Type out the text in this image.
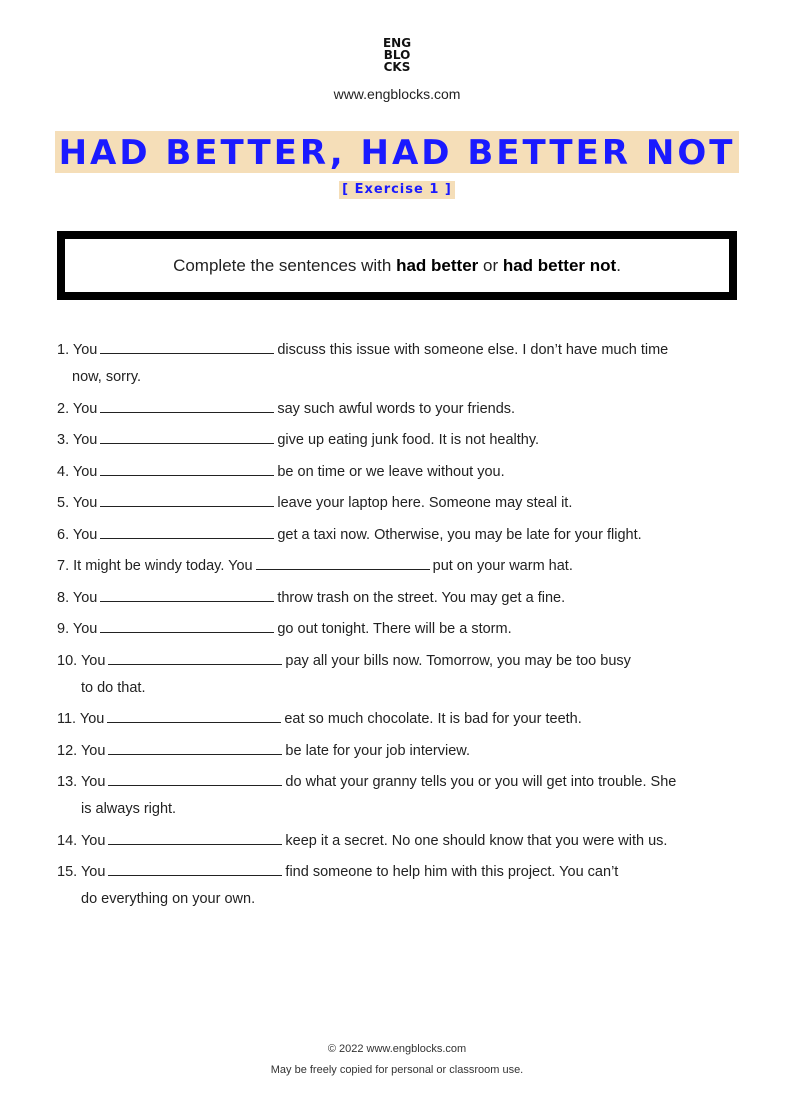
ENG
BLO
CKS
www.engblocks.com
HAD BETTER, HAD BETTER NOT
[ Exercise 1 ]
Complete the sentences with had better or had better not.
1. You	discuss this issue with someone else. I don’t have much time
now, sorry.
2. You	say such awful words to your friends.
3. You	give up eating junk food. It is not healthy.
4. You	be on time or we leave without you.
5. You	leave your laptop here. Someone may steal it.
6. You	get a taxi now. Otherwise, you may be late for your flight.
7. It might be windy today. You	put on your warm hat.
8. You	throw trash on the street. You may get a fine.
9. You	go out tonight. There will be a storm.
10. You	pay all your bills now. Tomorrow, you may be too busy
to do that.
11. You	eat so much chocolate. It is bad for your teeth.
12. You	be late for your job interview.
13. You	do what your granny tells you or you will get into trouble. She
is always right.
14. You	keep it a secret. No one should know that you were with us.
15. You	find someone to help him with this project. You can’t
do everything on your own.
© 2022 www.engblocks.com
May be freely copied for personal or classroom use.
